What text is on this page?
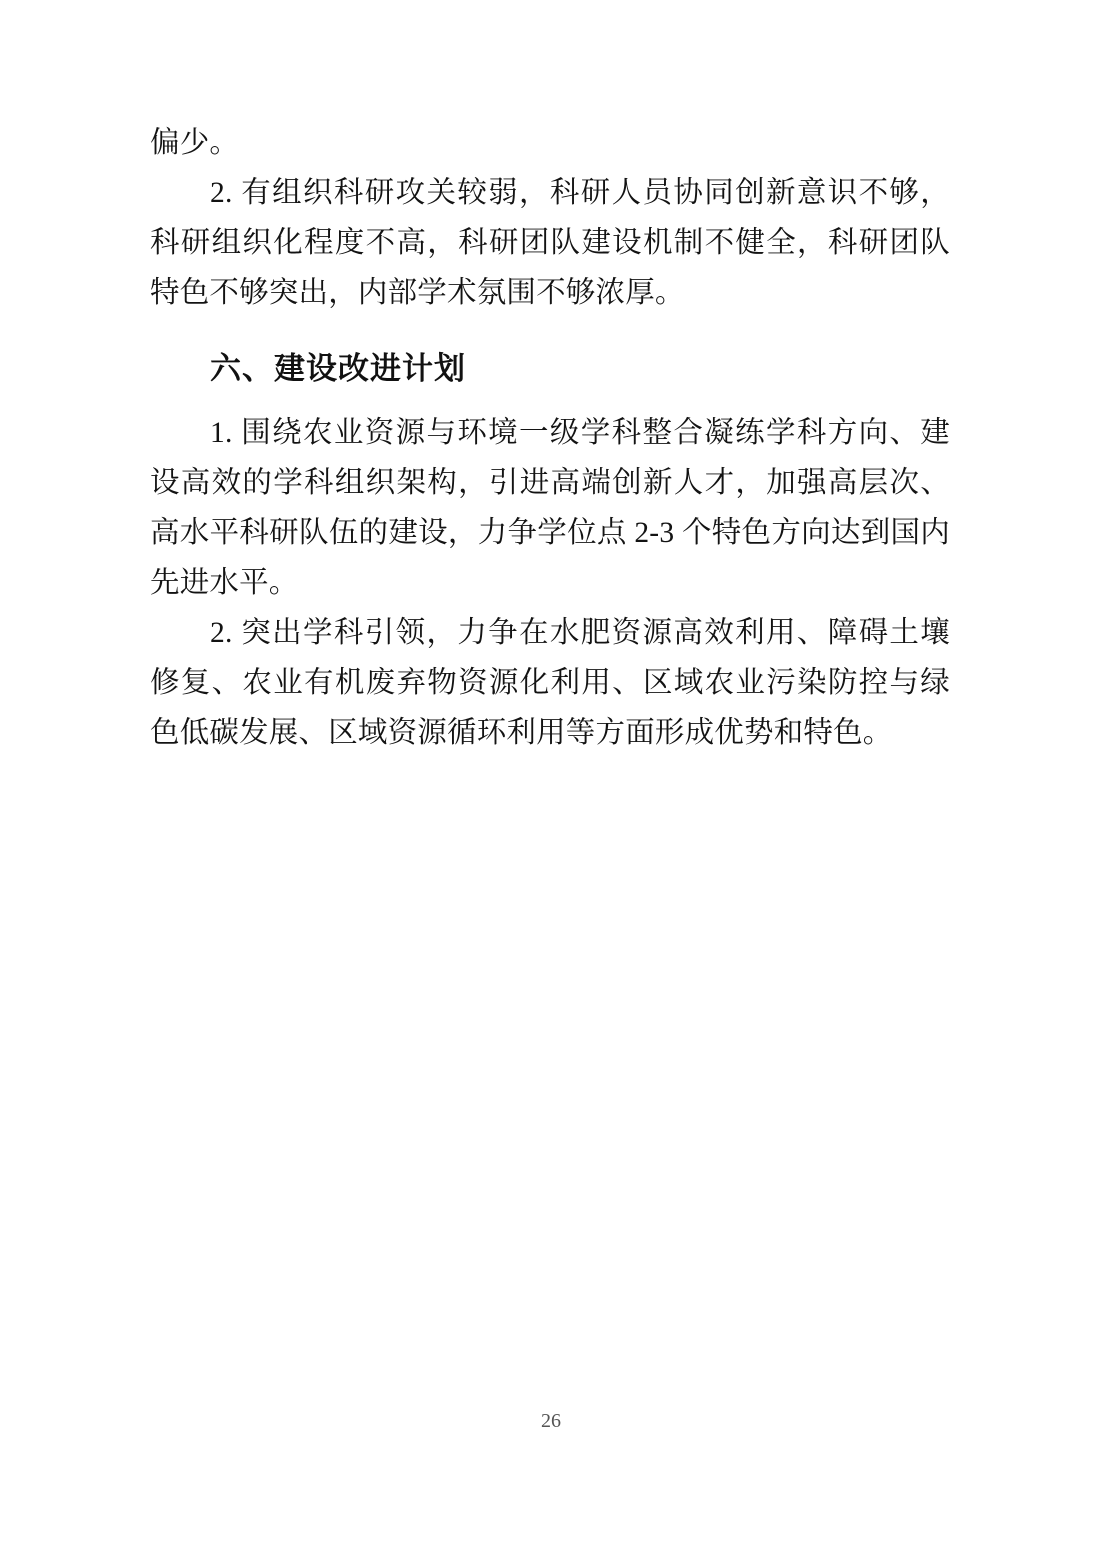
偏少。

2. 有组织科研攻关较弱，科研人员协同创新意识不够，科研组织化程度不高，科研团队建设机制不健全，科研团队特色不够突出，内部学术氛围不够浓厚。

六、建设改进计划

1. 围绕农业资源与环境一级学科整合凝练学科方向、建设高效的学科组织架构，引进高端创新人才，加强高层次、高水平科研队伍的建设，力争学位点 2-3 个特色方向达到国内先进水平。

2. 突出学科引领，力争在水肥资源高效利用、障碍土壤修复、农业有机废弃物资源化利用、区域农业污染防控与绿色低碳发展、区域资源循环利用等方面形成优势和特色。

26
